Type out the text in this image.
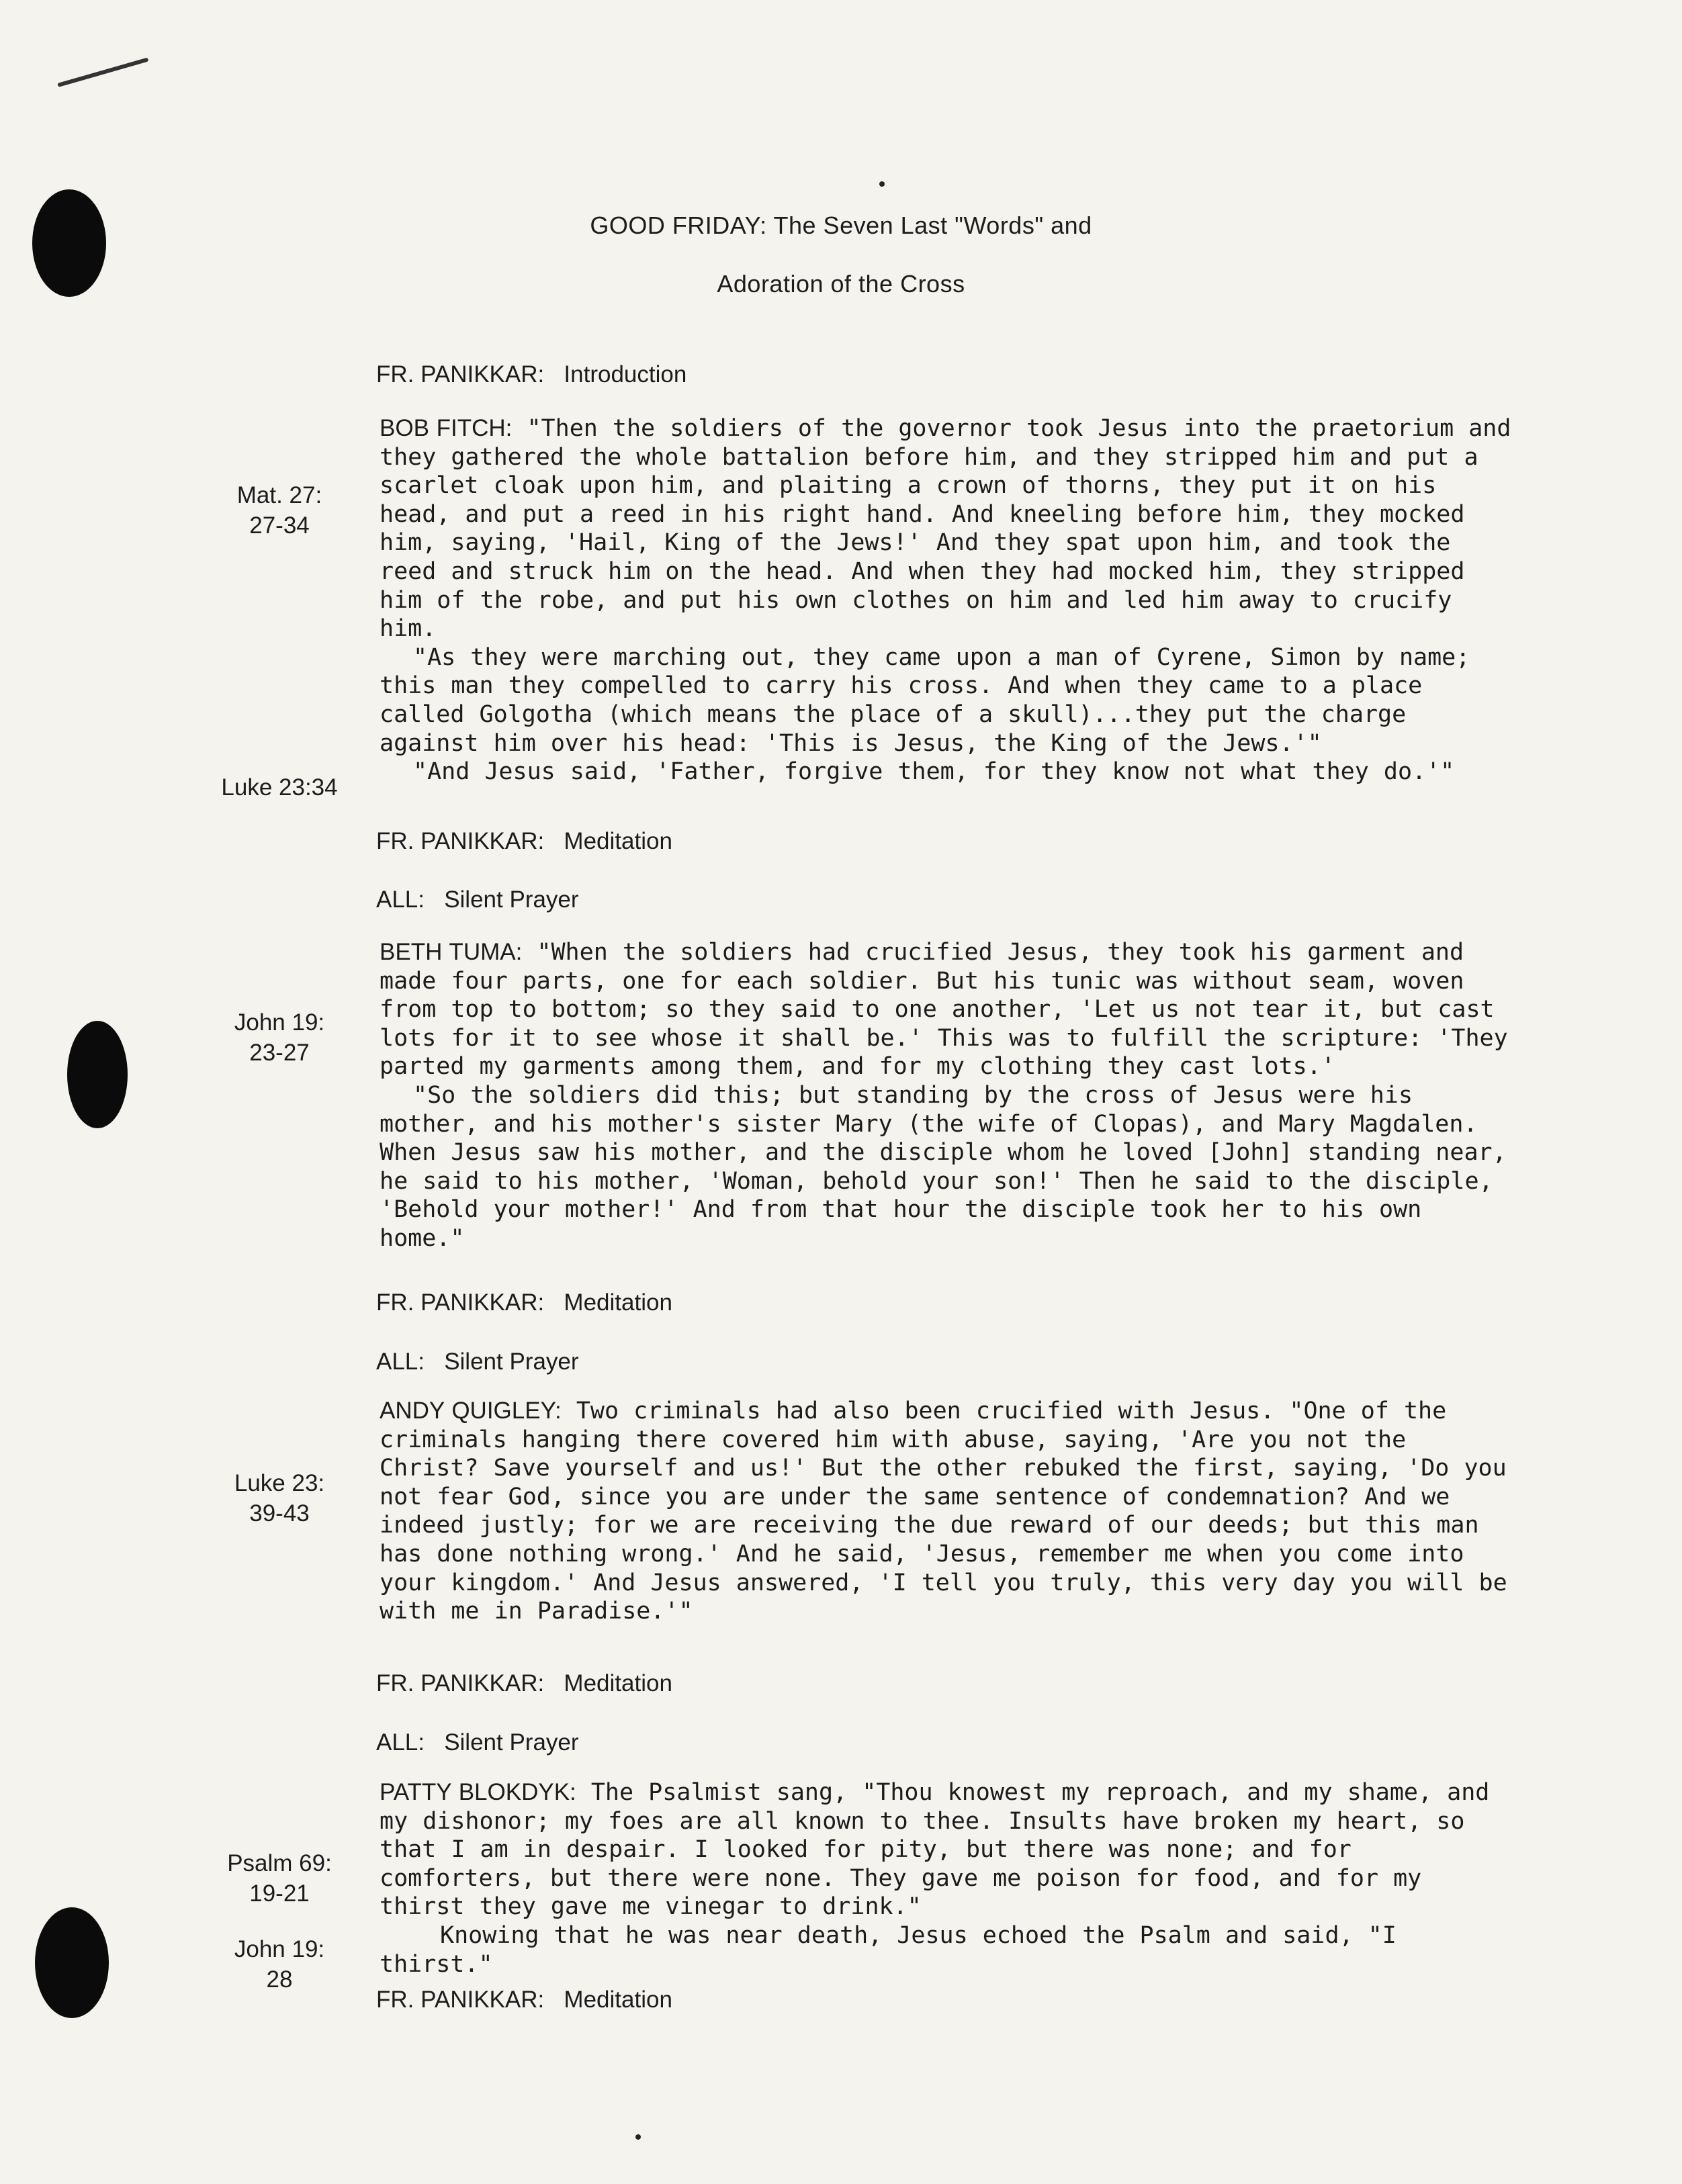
GOOD FRIDAY: The Seven Last "Words" and
Adoration of the Cross
FR. PANIKKAR: Introduction
Mat. 27:
27-34
Luke 23:34

BOB FITCH: "Then the soldiers of the governor took Jesus into the praetorium and they gathered the whole battalion before him, and they stripped him and put a scarlet cloak upon him, and plaiting a crown of thorns, they put it on his head, and put a reed in his right hand. And kneeling before him, they mocked him, saying, 'Hail, King of the Jews!' And they spat upon him, and took the reed and struck him on the head. And when they had mocked him, they stripped him of the robe, and put his own clothes on him and led him away to crucify him.

"As they were marching out, they came upon a man of Cyrene, Simon by name; this man they compelled to carry his cross. And when they came to a place called Golgotha (which means the place of a skull)...they put the charge against him over his head: 'This is Jesus, the King of the Jews.'"

"And Jesus said, 'Father, forgive them, for they know not what they do.'"

FR. PANIKKAR: Meditation
ALL: Silent Prayer
John 19:
23-27

BETH TUMA: "When the soldiers had crucified Jesus, they took his garment and made four parts, one for each soldier. But his tunic was without seam, woven from top to bottom; so they said to one another, 'Let us not tear it, but cast lots for it to see whose it shall be.' This was to fulfill the scripture: 'They parted my garments among them, and for my clothing they cast lots.'

"So the soldiers did this; but standing by the cross of Jesus were his mother, and his mother's sister Mary (the wife of Clopas), and Mary Magdalen. When Jesus saw his mother, and the disciple whom he loved [John] standing near, he said to his mother, 'Woman, behold your son!' Then he said to the disciple, 'Behold your mother!' And from that hour the disciple took her to his own home."

FR. PANIKKAR: Meditation
ALL: Silent Prayer
Luke 23:
39-43

ANDY QUIGLEY: Two criminals had also been crucified with Jesus. "One of the criminals hanging there covered him with abuse, saying, 'Are you not the Christ? Save yourself and us!' But the other rebuked the first, saying, 'Do you not fear God, since you are under the same sentence of condemnation? And we indeed justly; for we are receiving the due reward of our deeds; but this man has done nothing wrong.' And he said, 'Jesus, remember me when you come into your kingdom.' And Jesus answered, 'I tell you truly, this very day you will be with me in Paradise.'"

FR. PANIKKAR: Meditation
ALL: Silent Prayer
Psalm 69:
19-21
John 19:
28

PATTY BLOKDYK: The Psalmist sang, "Thou knowest my reproach, and my shame, and my dishonor; my foes are all known to thee. Insults have broken my heart, so that I am in despair. I looked for pity, but there was none; and for comforters, but there were none. They gave me poison for food, and for my thirst they gave me vinegar to drink."

Knowing that he was near death, Jesus echoed the Psalm and said, "I thirst."

FR. PANIKKAR: Meditation
